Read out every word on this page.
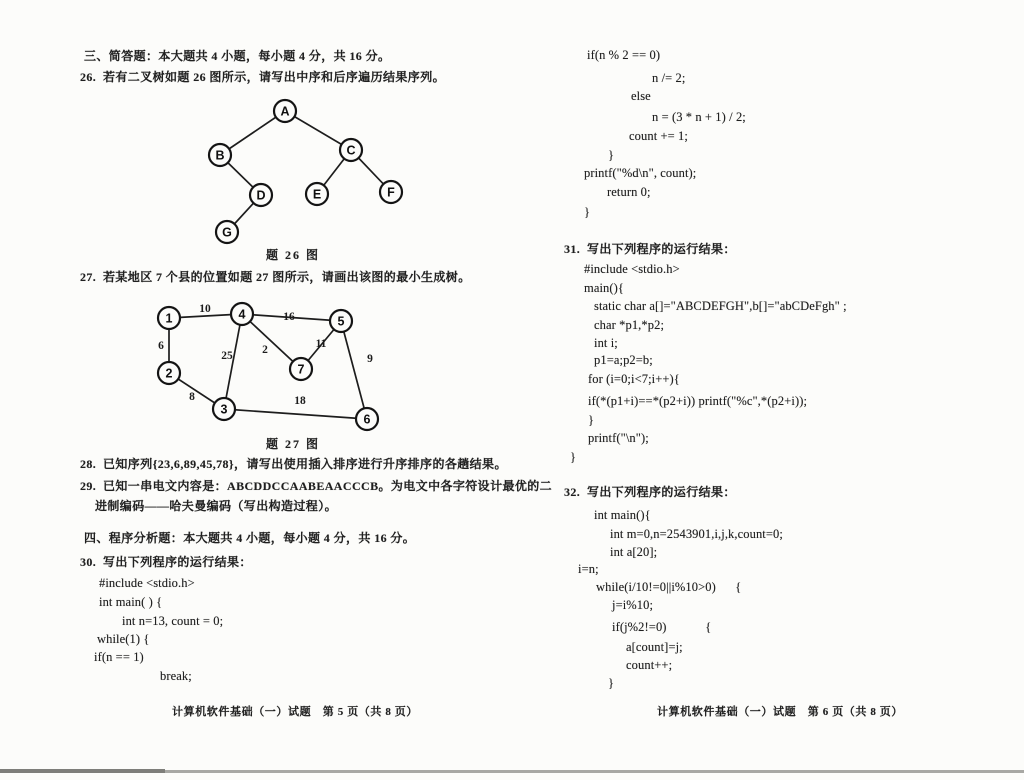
三、简答题：本大题共 4 小题，每小题 4 分，共 16 分。
26.  若有二叉树如题 26 图所示，请写出中序和后序遍历结果序列。
题 26 图
27.  若某地区 7 个县的位置如题 27 图所示，请画出该图的最小生成树。
题 27 图
28.  已知序列{23,6,89,45,78}，请写出使用插入排序进行升序排序的各趟结果。
29.  已知一串电文内容是：ABCDDCCAABEAACCCB。为电文中各字符设计最优的二
进制编码——哈夫曼编码（写出构造过程）。
四、程序分析题：本大题共 4 小题，每小题 4 分，共 16 分。
30.  写出下列程序的运行结果：
#include <stdio.h>
int main( ) {
int n=13, count = 0;
while(1) {
if(n == 1)
break;
if(n % 2 == 0)
n /= 2;
else
n = (3 * n + 1) / 2;
count += 1;
}
printf("%d\n", count);
return 0;
}
31.  写出下列程序的运行结果：
#include <stdio.h>
main(){
static char a[]="ABCDEFGH",b[]="abCDeFgh" ;
char *p1,*p2;
int i;
p1=a;p2=b;
for (i=0;i<7;i++){
if(*(p1+i)==*(p2+i)) printf("%c",*(p2+i));
}
printf("\n");
}
32.  写出下列程序的运行结果：
int main(){
int m=0,n=2543901,i,j,k,count=0;
int a[20];
i=n;
while(i/10!=0||i%10>0)      {
j=i%10;
if(j%2!=0)            {
a[count]=j;
count++;
}
A
B	C
D	E	F
G
1	4	5
2	7
3
6
10
16
6
25	2	11
9
8	18
计算机软件基础（一）试题　第 5 页（共 8 页）	计算机软件基础（一）试题　第 6 页（共 8 页）
